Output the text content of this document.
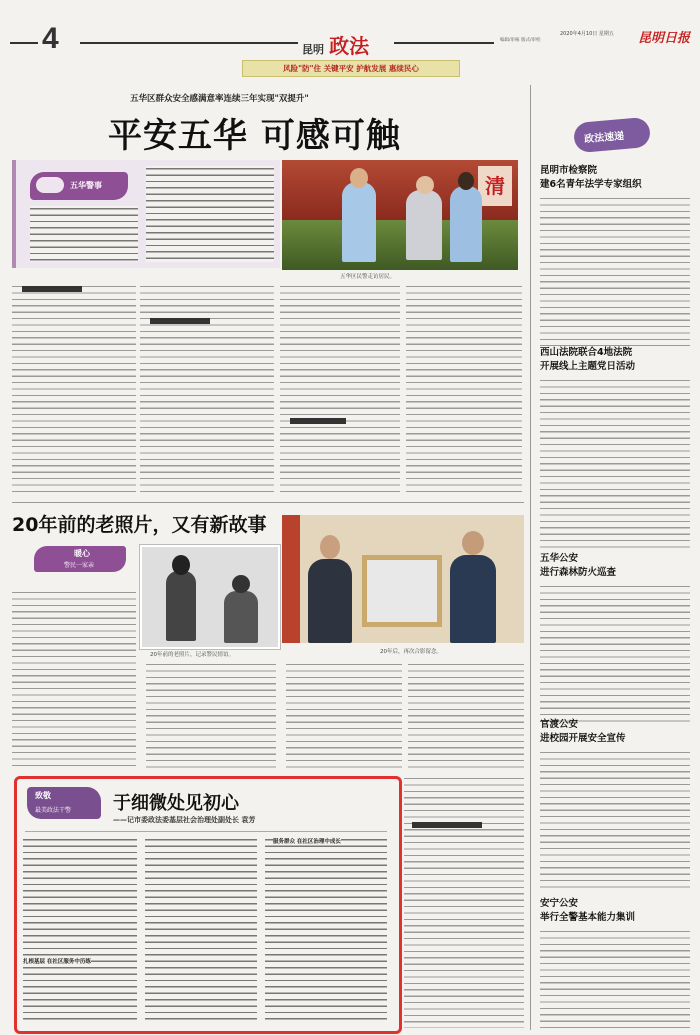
4	昆明 政法	2020年4月10日 星期五
编辑/审核 版式/审校	昆明日报
风险"防"住 关键平安 护航发展 惠续民心
五华区群众安全感满意率连续三年实现"双提升"
平安五华 可感可触
五华警事	清
五华区民警走访居民。
政法速递
昆明市检察院
建6名青年法学专家组织
西山法院联合4地法院
开展线上主题党日活动
五华公安
进行森林防火巡查
官渡公安
进校园开展安全宣传
安宁公安
举行全警基本能力集训
20年前的老照片，又有新故事
暖心
警民一家亲
20年前的老照片，记录警民情谊。	20年后，再次合影留念。
致敬
最美政法干警 于细微处见初心
——记市委政法委基层社会治理处副处长 袁芳
扎根基层 在社区服务中历练
服务群众 在社区治理中成长
